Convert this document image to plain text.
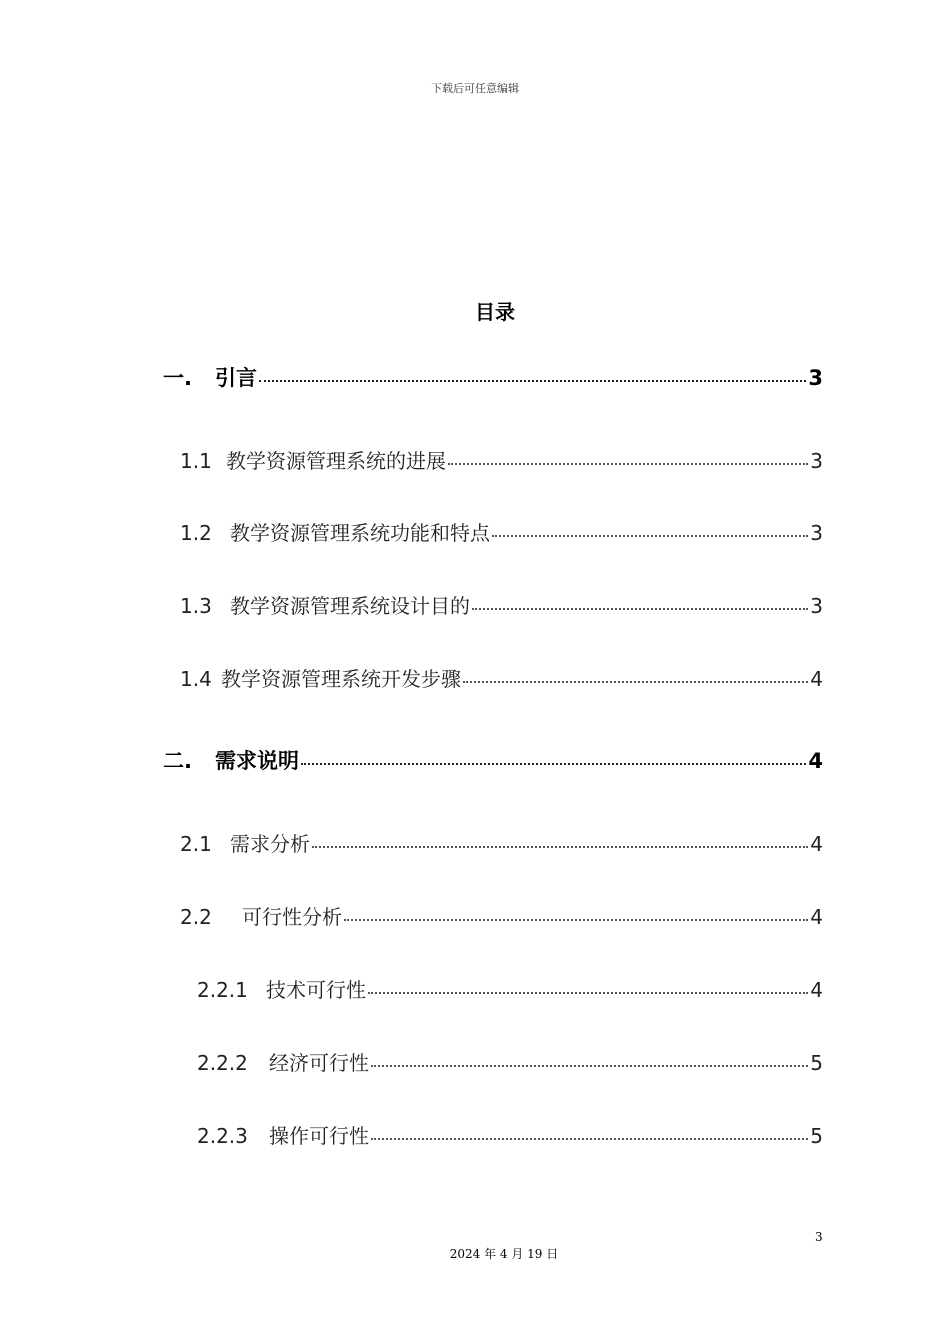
下载后可任意编辑
目录
一.	引言	3
1.1 教学资源管理系统的进展	3
1.2 教学资源管理系统功能和特点	3
1.3 教学资源管理系统设计目的	3
1.4 教学资源管理系统开发步骤	4
二.	需求说明	4
2.1 需求分析	4
2.2	可行性分析	4
2.2.1 技术可行性	4
2.2.2	经济可行性	5
2.2.3	操作可行性	5
3
2024 年 4 月 19 日
